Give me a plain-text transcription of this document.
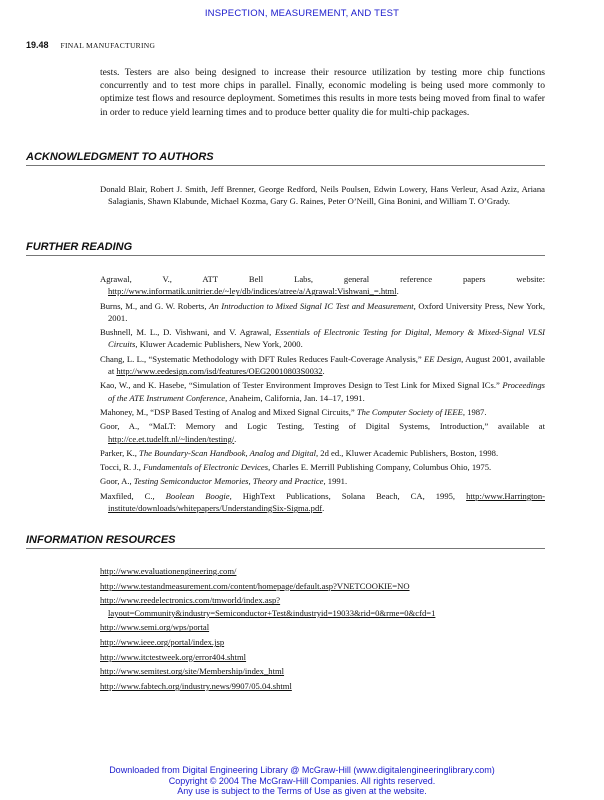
INSPECTION, MEASUREMENT, AND TEST
19.48 FINAL MANUFACTURING
tests. Testers are also being designed to increase their resource utilization by testing more chip functions concurrently and to test more chips in parallel. Finally, economic modeling is being used more commonly to optimize test flows and resource deployment. Sometimes this results in more tests being moved from final to wafer in order to reduce yield learning times and to produce better quality die for multi-chip packages.
ACKNOWLEDGMENT TO AUTHORS
Donald Blair, Robert J. Smith, Jeff Brenner, George Redford, Neils Poulsen, Edwin Lowery, Hans Verleur, Asad Aziz, Ariana Salagianis, Shawn Klabunde, Michael Kozma, Gary G. Raines, Peter O’Neill, Gina Bonini, and William T. O’Grady.
FURTHER READING
Agrawal, V., ATT Bell Labs, general reference papers website: http://www.informatik.unitrier.de/~ley/db/indices/atree/a/Agrawal:Vishwani_=.html.
Burns, M., and G. W. Roberts, An Introduction to Mixed Signal IC Test and Measurement, Oxford University Press, New York, 2001.
Bushnell, M. L., D. Vishwani, and V. Agrawal, Essentials of Electronic Testing for Digital, Memory & Mixed-Signal VLSI Circuits, Kluwer Academic Publishers, New York, 2000.
Chang, L. L., “Systematic Methodology with DFT Rules Reduces Fault-Coverage Analysis,” EE Design, August 2001, available at http://www.eedesign.com/isd/features/OEG20010803S0032.
Kao, W., and K. Hasebe, “Simulation of Tester Environment Improves Design to Test Link for Mixed Signal ICs.” Proceedings of the ATE Instrument Conference, Anaheim, California, Jan. 14–17, 1991.
Mahoney, M., “DSP Based Testing of Analog and Mixed Signal Circuits,” The Computer Society of IEEE, 1987.
Goor, A., “MaLT: Memory and Logic Testing, Testing of Digital Systems, Introduction,” available at http://ce.et.tudelft.nl/~linden/testing/.
Parker, K., The Boundary-Scan Handbook, Analog and Digital, 2d ed., Kluwer Academic Publishers, Boston, 1998.
Tocci, R. J., Fundamentals of Electronic Devices, Charles E. Merrill Publishing Company, Columbus Ohio, 1975.
Goor, A., Testing Semiconductor Memories, Theory and Practice, 1991.
Maxfiled, C., Boolean Boogie, HighText Publications, Solana Beach, CA, 1995, http:/www.Harrington-institute/downloads/whitepapers/UnderstandingSix-Sigma.pdf.
INFORMATION RESOURCES
http://www.evaluationengineering.com/
http://www.testandmeasurement.com/content/homepage/default.asp?VNETCOOKIE=NO
http://www.reedelectronics.com/tmworld/index.asp?layout=Community&industry=Semiconductor+Test&industryid=19033&rid=0&rme=0&cfd=1
http://www.semi.org/wps/portal
http://www.ieee.org/portal/index.jsp
http://www.itctestweek.org/error404.shtml
http://www.semitest.org/site/Membership/index_html
http://www.fabtech.org/industry.news/9907/05.04.shtml
Downloaded from Digital Engineering Library @ McGraw-Hill (www.digitalengineeringlibrary.com)
Copyright © 2004 The McGraw-Hill Companies. All rights reserved.
Any use is subject to the Terms of Use as given at the website.
